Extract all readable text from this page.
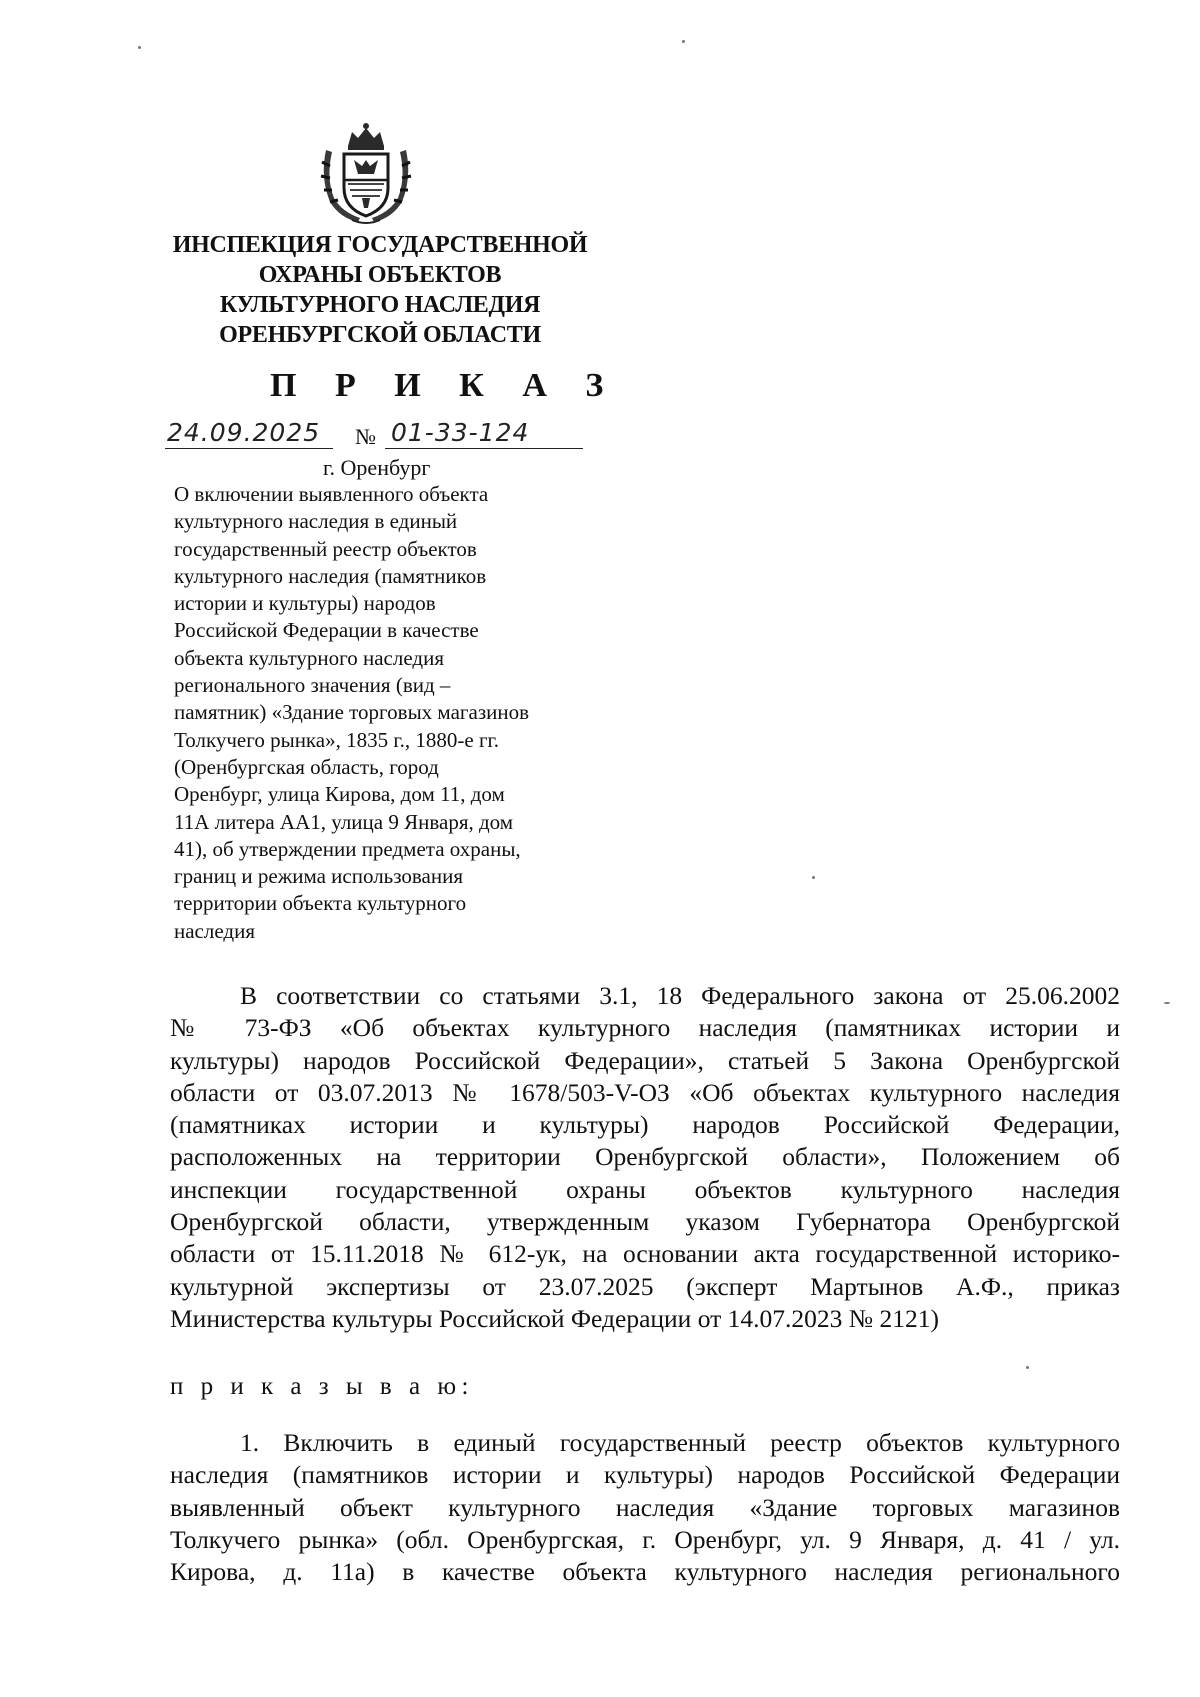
ИНСПЕКЦИЯ ГОСУДАРСТВЕННОЙ
ОХРАНЫ ОБЪЕКТОВ
КУЛЬТУРНОГО НАСЛЕДИЯ
ОРЕНБУРГСКОЙ ОБЛАСТИ
П Р И К А З
24.09.2025 № 01-33-124
г. Оренбург
О включении выявленного объекта
культурного наследия в единый
государственный реестр объектов
культурного наследия (памятников
истории и культуры) народов
Российской Федерации в качестве
объекта культурного наследия
регионального значения (вид –
памятник) «Здание торговых магазинов
Толкучего рынка», 1835 г., 1880-е гг.
(Оренбургская область, город
Оренбург, улица Кирова, дом 11, дом
11А литера АА1, улица 9 Января, дом
41), об утверждении предмета охраны,
границ и режима использования
территории объекта культурного
наследия
В соответствии со статьями 3.1, 18 Федерального закона от 25.06.2002
№ 73-ФЗ «Об объектах культурного наследия (памятниках истории и
культуры) народов Российской Федерации», статьей 5 Закона Оренбургской
области от 03.07.2013 № 1678/503-V-ОЗ «Об объектах культурного наследия
(памятниках истории и культуры) народов Российской Федерации,
расположенных на территории Оренбургской области», Положением об
инспекции государственной охраны объектов культурного наследия
Оренбургской области, утвержденным указом Губернатора Оренбургской
области от 15.11.2018 № 612-ук, на основании акта государственной историко-
культурной экспертизы от 23.07.2025 (эксперт Мартынов А.Ф., приказ
Министерства культуры Российской Федерации от 14.07.2023 № 2121)
п р и к а з ы в а ю:
1. Включить в единый государственный реестр объектов культурного
наследия (памятников истории и культуры) народов Российской Федерации
выявленный объект культурного наследия «Здание торговых магазинов
Толкучего рынка» (обл. Оренбургская, г. Оренбург, ул. 9 Января, д. 41 / ул.
Кирова, д. 11а) в качестве объекта культурного наследия регионального
